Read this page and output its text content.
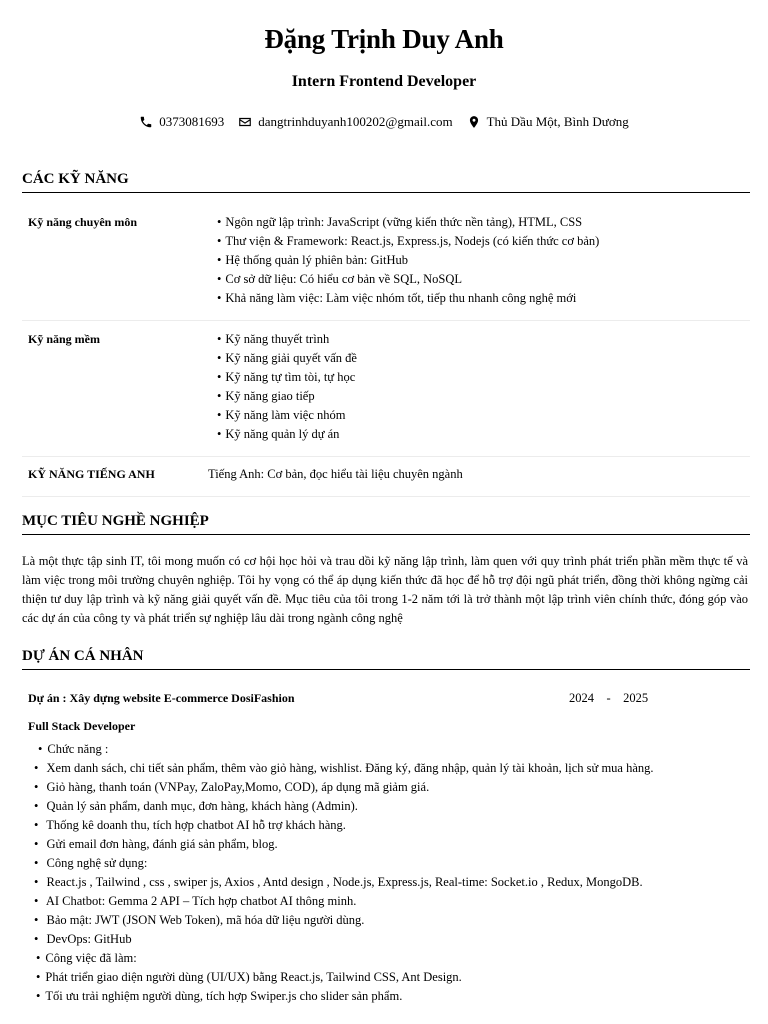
Đặng Trịnh Duy Anh
Intern Frontend Developer
0373081693	dangtrinhduyanh100202@gmail.com	Thủ Dầu Một, Bình Dương
CÁC KỸ NĂNG
Kỹ năng chuyên môn	• Ngôn ngữ lập trình: JavaScript (vững kiến thức nền tảng), HTML, CSS
• Thư viện & Framework: React.js, Express.js, Nodejs (có kiến thức cơ bản)
• Hệ thống quản lý phiên bản: GitHub
• Cơ sở dữ liệu: Có hiểu cơ bản về SQL, NoSQL
• Khả năng làm việc: Làm việc nhóm tốt, tiếp thu nhanh công nghệ mới
Kỹ năng mềm	• Kỹ năng thuyết trình
• Kỹ năng giải quyết vấn đề
• Kỹ năng tự tìm tòi, tự học
• Kỹ năng giao tiếp
• Kỹ năng làm việc nhóm
• Kỹ năng quản lý dự án
KỸ NĂNG TIẾNG ANH	Tiếng Anh: Cơ bản, đọc hiểu tài liệu chuyên ngành
MỤC TIÊU NGHỀ NGHIỆP
Là một thực tập sinh IT, tôi mong muốn có cơ hội học hỏi và trau dồi kỹ năng lập trình, làm quen với quy trình phát triển phần mềm thực tế và làm việc trong môi trường chuyên nghiệp. Tôi hy vọng có thể áp dụng kiến thức đã học để hỗ trợ đội ngũ phát triển, đồng thời không ngừng cải thiện tư duy lập trình và kỹ năng giải quyết vấn đề. Mục tiêu của tôi trong 1-2 năm tới là trở thành một lập trình viên chính thức, đóng góp vào các dự án của công ty và phát triển sự nghiệp lâu dài trong ngành công nghệ
DỰ ÁN CÁ NHÂN
Dự án : Xây dựng website E-commerce DosiFashion	2024    -    2025
Full Stack Developer
• Chức năng :
• Xem danh sách, chi tiết sản phẩm, thêm vào giỏ hàng, wishlist. Đăng ký, đăng nhập, quản lý tài khoản, lịch sử mua hàng.
• Giỏ hàng, thanh toán (VNPay, ZaloPay,Momo, COD), áp dụng mã giảm giá.
• Quản lý sản phẩm, danh mục, đơn hàng, khách hàng (Admin).
• Thống kê doanh thu, tích hợp chatbot AI hỗ trợ khách hàng.
• Gửi email đơn hàng, đánh giá sản phẩm, blog.
• Công nghệ sử dụng:
• React.js , Tailwind , css , swiper js, Axios , Antd design , Node.js, Express.js, Real-time: Socket.io , Redux, MongoDB.
• AI Chatbot: Gemma 2 API – Tích hợp chatbot AI thông minh.
• Bảo mật: JWT (JSON Web Token), mã hóa dữ liệu người dùng.
• DevOps: GitHub
• Công việc đã làm:
• Phát triển giao diện người dùng (UI/UX) bằng React.js, Tailwind CSS, Ant Design.
• Tối ưu trải nghiệm người dùng, tích hợp Swiper.js cho slider sản phẩm.
